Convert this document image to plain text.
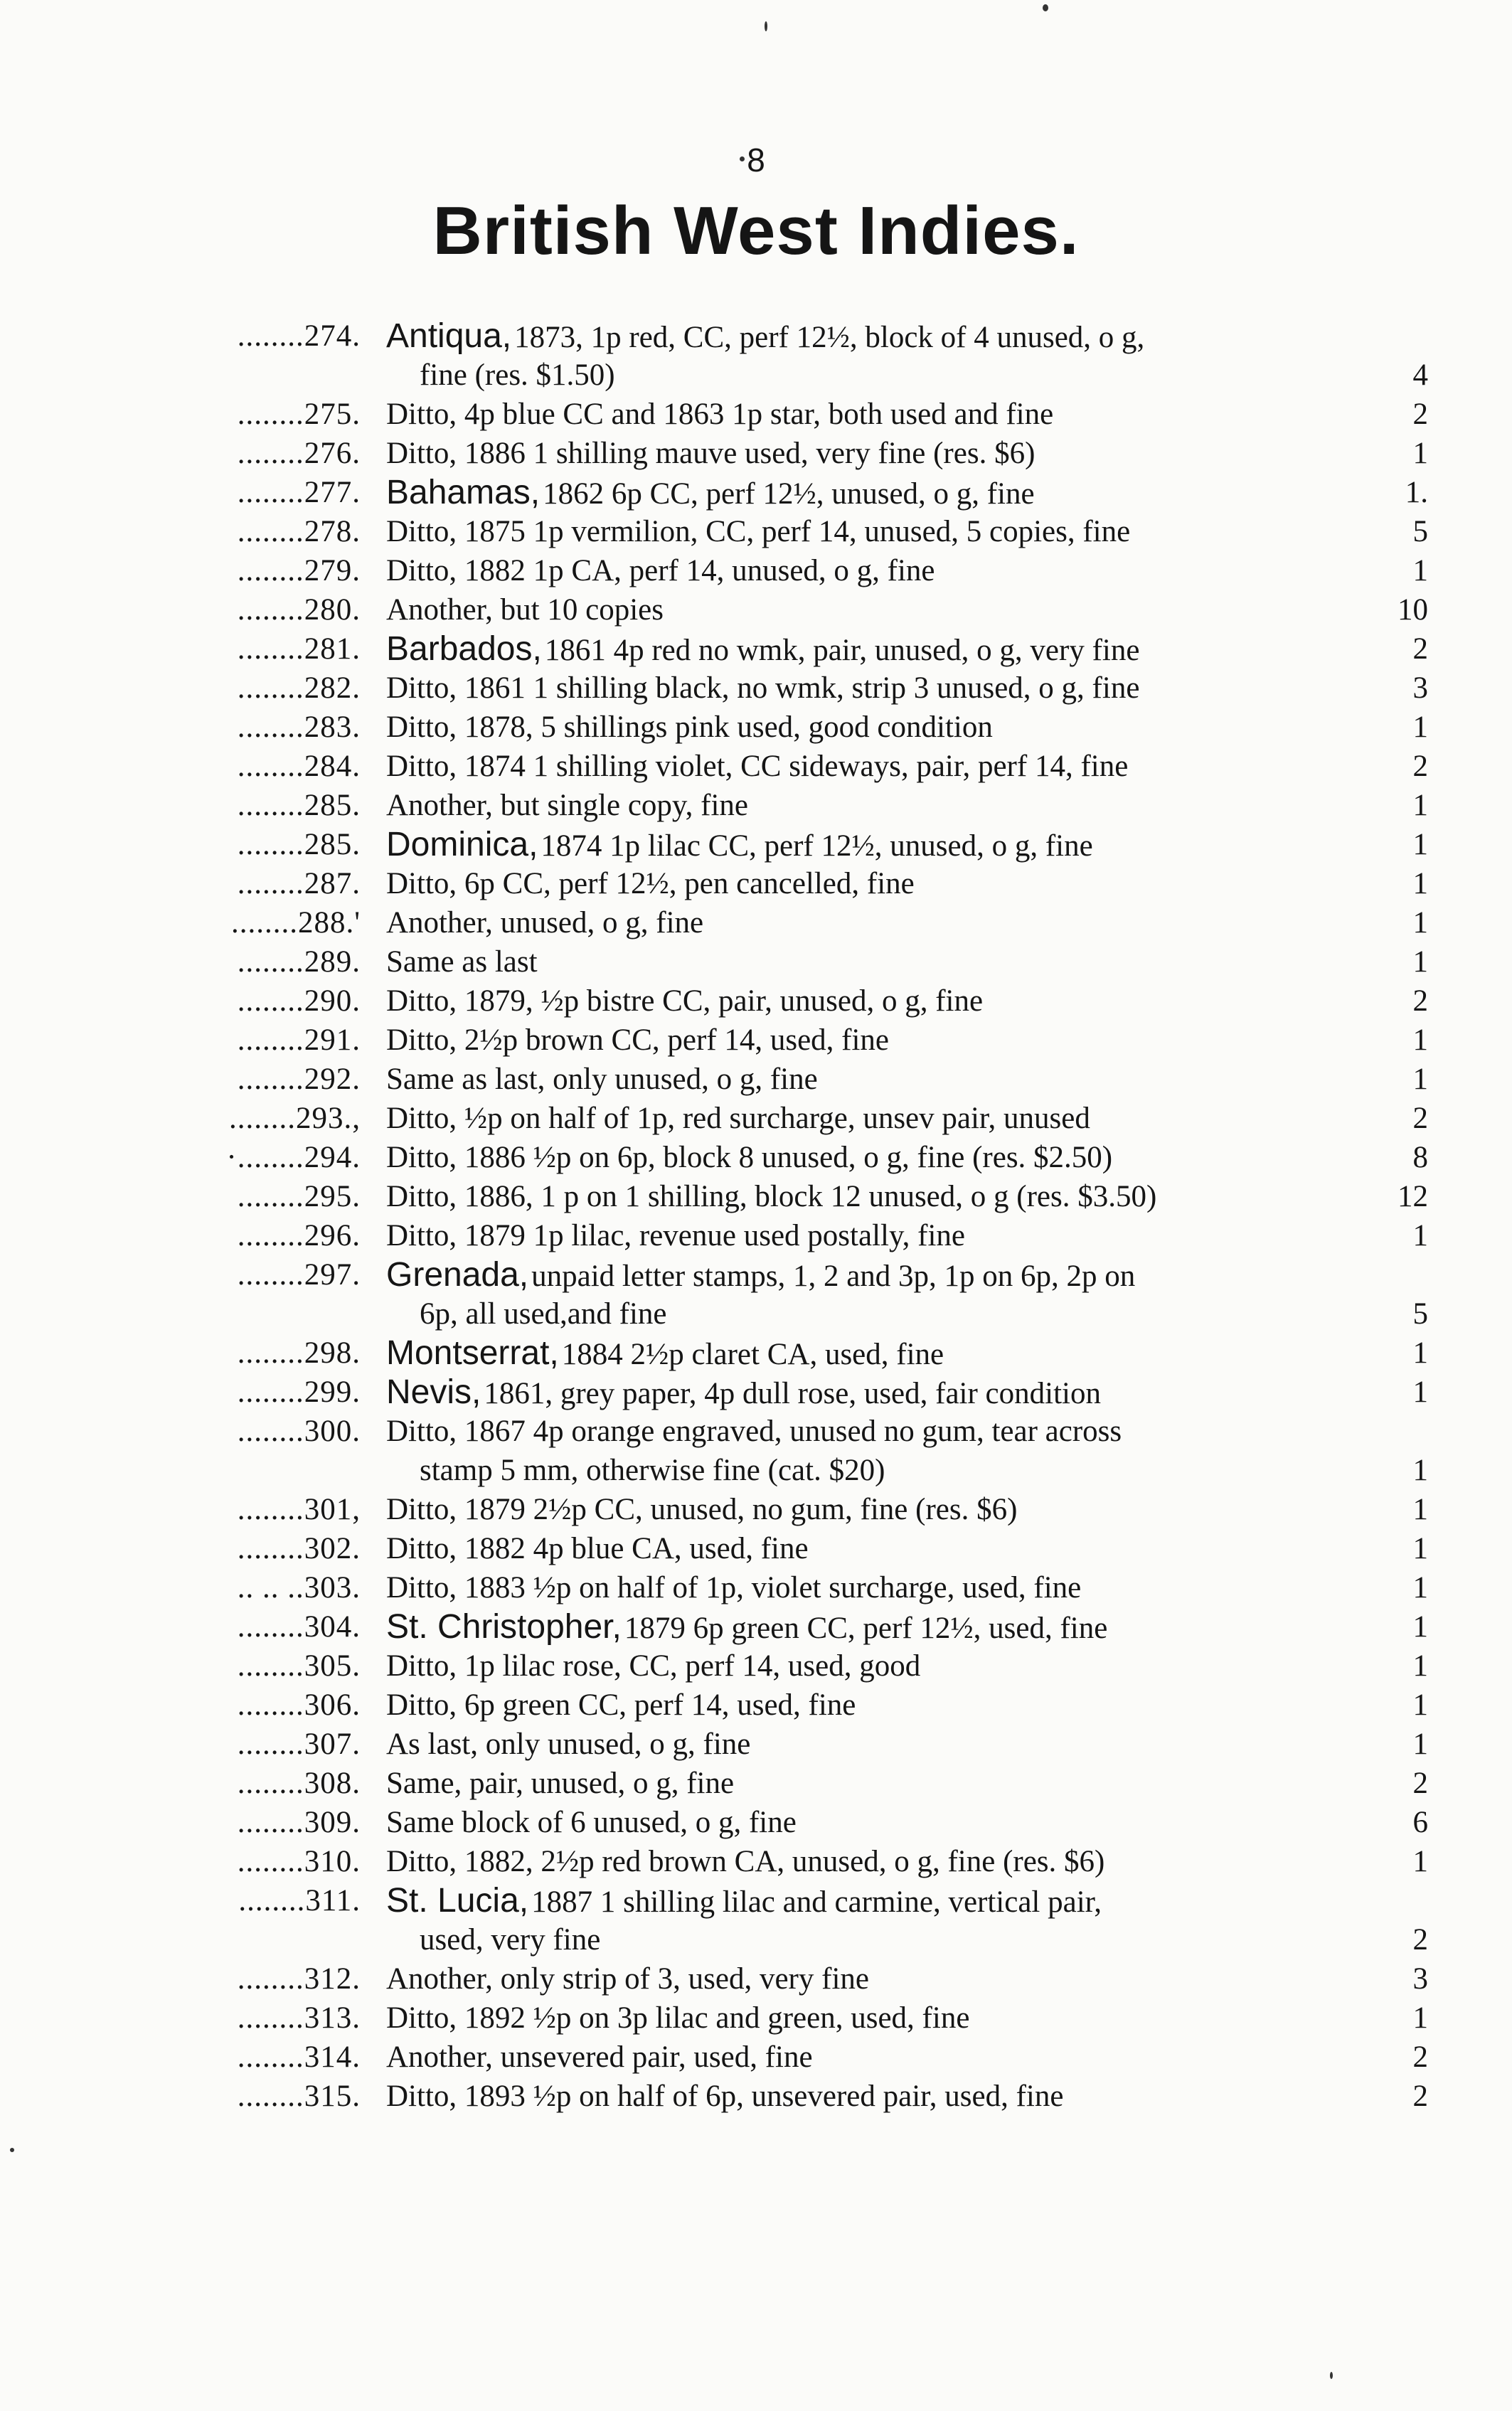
8
British West Indies.
........274. Antiqua,1873, 1p red, CC, perf 12½, block of 4 unused, o g,
fine (res. $1.50)	4
........275. Ditto, 4p blue CC and 1863 1p star, both used and fine	2
........276. Ditto, 1886 1 shilling mauve used, very fine (res. $6)	1
........277. Bahamas,1862 6p CC, perf 12½, unused, o g, fine	1.
........278. Ditto, 1875 1p vermilion, CC, perf 14, unused, 5 copies, fine	5
........279. Ditto, 1882 1p CA, perf 14, unused, o g, fine	1
........280. Another, but 10 copies	10
........281. Barbados,1861 4p red no wmk, pair, unused, o g, very fine	2
........282. Ditto, 1861 1 shilling black, no wmk, strip 3 unused, o g, fine	3
........283. Ditto, 1878, 5 shillings pink used, good condition	1
........284. Ditto, 1874 1 shilling violet, CC sideways, pair, perf 14, fine	2
........285. Another, but single copy, fine	1
........285. Dominica,1874 1p lilac CC, perf 12½, unused, o g, fine	1
........287. Ditto, 6p CC, perf 12½, pen cancelled, fine	1
........288.' Another, unused, o g, fine	1
........289. Same as last	1
........290. Ditto, 1879, ½p bistre CC, pair, unused, o g, fine	2
........291. Ditto, 2½p brown CC, perf 14, used, fine	1
........292. Same as last, only unused, o g, fine	1
........293., Ditto, ½p on half of 1p, red surcharge, unsev pair, unused	2
·........294. Ditto, 1886 ½p on 6p, block 8 unused, o g, fine (res. $2.50)	8
........295. Ditto, 1886, 1 p on 1 shilling, block 12 unused, o g (res. $3.50)	12
........296. Ditto, 1879 1p lilac, revenue used postally, fine	1
........297. Grenada,unpaid letter stamps, 1, 2 and 3p, 1p on 6p, 2p on
6p, all used,and fine	5
........298. Montserrat,1884 2½p claret CA, used, fine	1
........299. Nevis,1861, grey paper, 4p dull rose, used, fair condition	1
........300. Ditto, 1867 4p orange engraved, unused no gum, tear across
stamp 5 mm, otherwise fine (cat. $20)	1
........301, Ditto, 1879 2½p CC, unused, no gum, fine (res. $6)	1
........302. Ditto, 1882 4p blue CA, used, fine	1
.. .. ..303. Ditto, 1883 ½p on half of 1p, violet surcharge, used, fine	1
........304. St. Christopher,1879 6p green CC, perf 12½, used, fine	1
........305. Ditto, 1p lilac rose, CC, perf 14, used, good	1
........306. Ditto, 6p green CC, perf 14, used, fine	1
........307. As last, only unused, o g, fine	1
........308. Same, pair, unused, o g, fine	2
........309. Same block of 6 unused, o g, fine	6
........310. Ditto, 1882, 2½p red brown CA, unused, o g, fine (res. $6)	1
........311. St. Lucia,1887 1 shilling lilac and carmine, vertical pair,
used, very fine	2
........312. Another, only strip of 3, used, very fine	3
........313. Ditto, 1892 ½p on 3p lilac and green, used, fine	1
........314. Another, unsevered pair, used, fine	2
........315. Ditto, 1893 ½p on half of 6p, unsevered pair, used, fine	2
